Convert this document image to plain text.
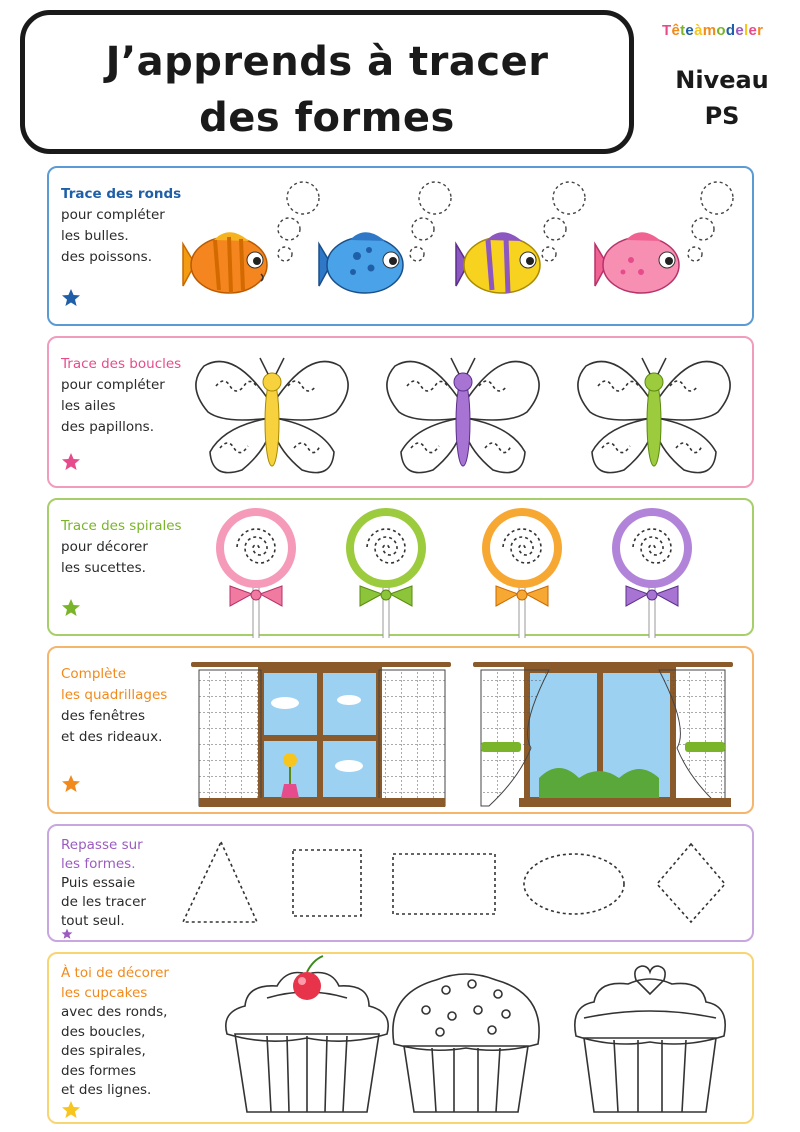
J’apprends à tracer
des formes
Têteàmodeler
Niveau
PS
Trace des ronds
pour compléter
les bulles.
des poissons.
Trace des boucles
pour compléter
les ailes
des papillons.
Trace des spirales
pour décorer
les sucettes.
Complète
les quadrillages
des fenêtres
et des rideaux.
Repasse sur
les formes.
Puis essaie
de les tracer
tout seul.
À toi de décorer
les cupcakes
avec des ronds,
des boucles,
des spirales,
des formes
et des lignes.
